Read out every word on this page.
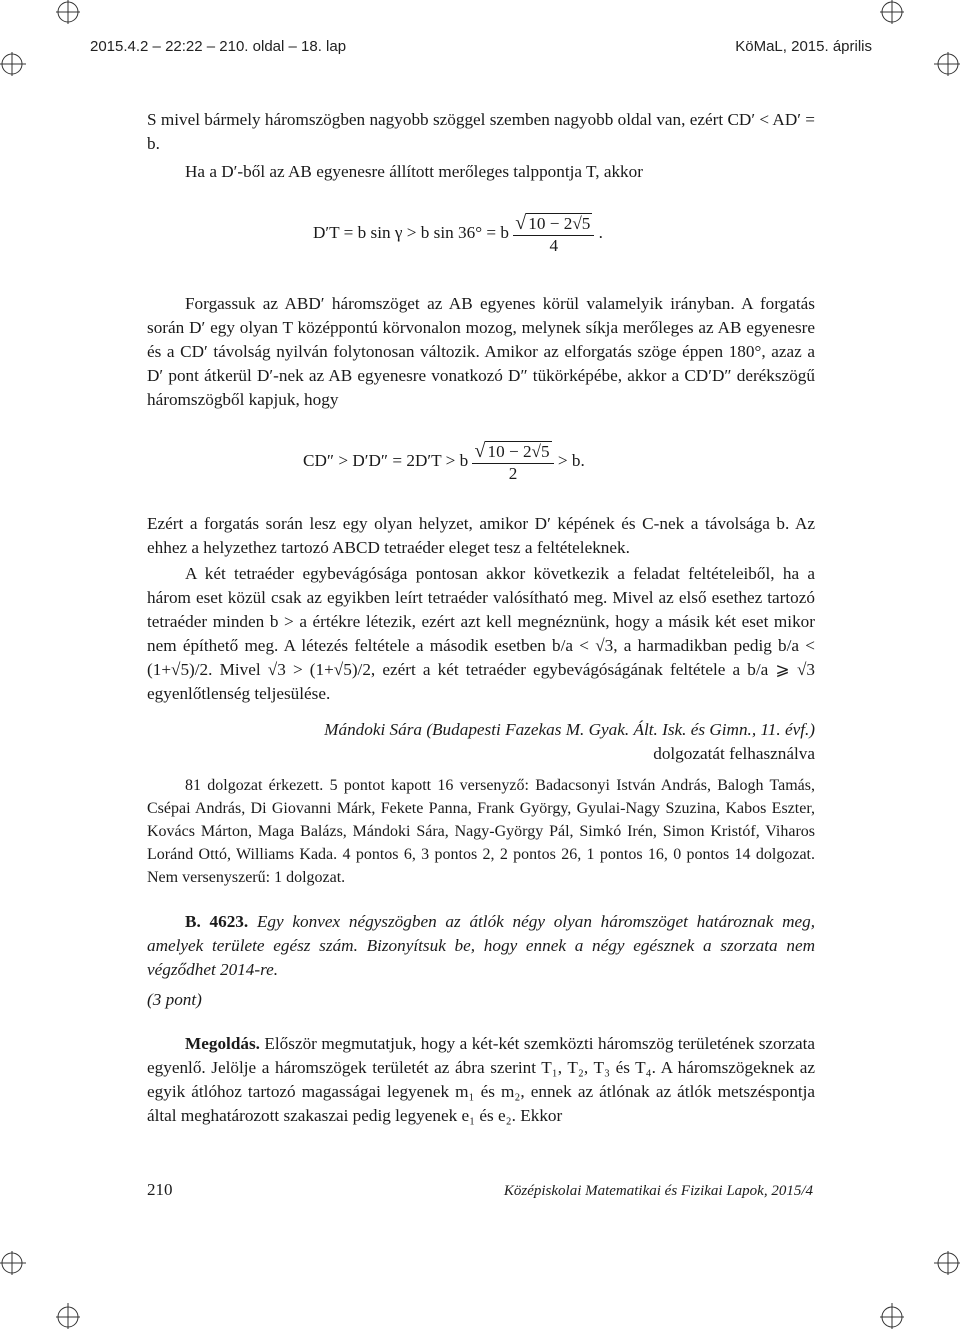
2015.4.2 – 22:22 – 210. oldal – 18. lap	KöMaL, 2015. április
S mivel bármely háromszögben nagyobb szöggel szemben nagyobb oldal van, ezért CD′ < AD′ = b.
Ha a D′-ből az AB egyenesre állított merőleges talppontja T, akkor
D′T = b sin γ > b sin 36° = b $\frac{√ 10 - 2√5}{4}$ .
Forgassuk az ABD′ háromszöget az AB egyenes körül valamelyik irányban. A forgatás során D′ egy olyan T középpontú körvonalon mozog, melynek síkja merőleges az AB egyenesre és a CD′ távolság nyilván folytonosan változik. Amikor az elforgatás szöge éppen 180°, azaz a D′ pont átkerül D′-nek az AB egyenesre vonatkozó D″ tükörképébe, akkor a CD′D″ derékszögű háromszögből kapjuk, hogy
CD″ > D′D″ = 2D′T > b $\frac{√ 10 - 2√5}{2} > b$.
Ezért a forgatás során lesz egy olyan helyzet, amikor D′ képének és C-nek a távolsága b. Az ehhez a helyzethez tartozó ABCD tetraéder eleget tesz a feltételeknek.
A két tetraéder egybevágósága pontosan akkor következik a feladat feltételeiből, ha a három eset közül csak az egyikben leírt tetraéder valósítható meg. Mivel az első esethez tartozó tetraéder minden b > a értékre létezik, ezért azt kell megnéznünk, hogy a másik két eset mikor nem építhető meg. A létezés feltétele a második esetben b/a < √3, a harmadikban pedig b/a < (1+√5)/2. Mivel √3 > (1+√5)/2, ezért a két tetraéder egybevágóságának feltétele a b/a ⩾ √3 egyenlőtlenség teljesülése.
Mándoki Sára (Budapesti Fazekas M. Gyak. Ált. Isk. és Gimn., 11. évf.)
dolgozatát felhasználva
81 dolgozat érkezett. 5 pontot kapott 16 versenyző: Badacsonyi István András, Balogh Tamás, Csépai András, Di Giovanni Márk, Fekete Panna, Frank György, Gyulai-Nagy Szuzina, Kabos Eszter, Kovács Márton, Maga Balázs, Mándoki Sára, Nagy-György Pál, Simkó Irén, Simon Kristóf, Viharos Loránd Ottó, Williams Kada. 4 pontos 6, 3 pontos 2, 2 pontos 26, 1 pontos 16, 0 pontos 14 dolgozat. Nem versenyszerű: 1 dolgozat.
B. 4623. Egy konvex négyszögben az átlók négy olyan háromszöget határoznak meg, amelyek területe egész szám. Bizonyítsuk be, hogy ennek a négy egésznek a szorzata nem végződhet 2014-re.
(3 pont)
Megoldás. Először megmutatjuk, hogy a két-két szemközti háromszög területének szorzata egyenlő. Jelölje a háromszögek területét az ábra szerint T₁, T₂, T₃ és T₄. A háromszögeknek az egyik átlóhoz tartozó magasságai legyenek m₁ és m₂, ennek az átlónak az átlók metszéspontja által meghatározott szakaszai pedig legyenek e₁ és e₂. Ekkor
210	Középiskolai Matematikai és Fizikai Lapok, 2015/4
